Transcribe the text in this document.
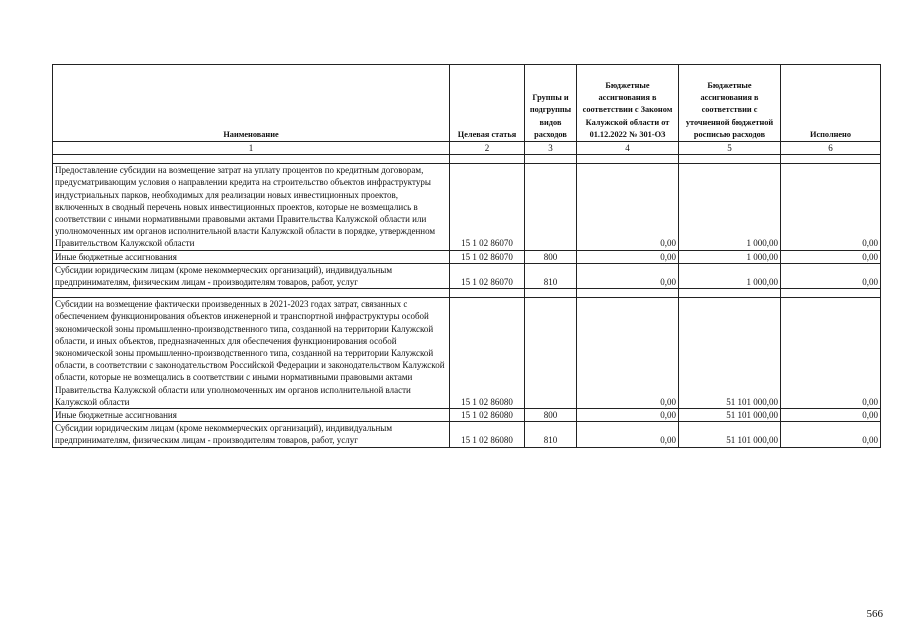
Наименование	Целевая статья	Группы и подгруппы видов расходов	Бюджетные ассигнования в соответствии с Законом Калужской области от 01.12.2022 № 301-ОЗ	Бюджетные ассигнования в соответствии с уточненной бюджетной росписью расходов	Исполнено
1	2	3	4	5	6

Предоставление субсидии на возмещение затрат на уплату процентов по кредитным договорам, предусматривающим условия о направлении кредита на строительство объектов инфраструктуры индустриальных парков, необходимых для реализации новых инвестиционных проектов, включенных в сводный перечень новых инвестиционных проектов, которые не возмещались в соответствии с иными нормативными правовыми актами Правительства Калужской области или уполномоченных им органов исполнительной власти Калужской области в порядке, утвержденном Правительством Калужской области	15 1 02 86070		0,00	1 000,00	0,00
Иные бюджетные ассигнования	15 1 02 86070	800	0,00	1 000,00	0,00
Субсидии юридическим лицам (кроме некоммерческих организаций), индивидуальным предпринимателям, физическим лицам - производителям товаров, работ, услуг	15 1 02 86070	810	0,00	1 000,00	0,00

Субсидии на возмещение фактически произведенных в 2021-2023 годах затрат, связанных с обеспечением функционирования объектов инженерной и транспортной инфраструктуры особой экономической зоны промышленно-производственного типа, созданной на территории Калужской области, и иных объектов, предназначенных для обеспечения функционирования особой экономической зоны промышленно-производственного типа, созданной на территории Калужской области, в соответствии с законодательством Российской Федерации и законодательством Калужской области, которые не возмещались в соответствии с иными нормативными правовыми актами Правительства Калужской области или уполномоченных им органов исполнительной власти Калужской области	15 1 02 86080		0,00	51 101 000,00	0,00
Иные бюджетные ассигнования	15 1 02 86080	800	0,00	51 101 000,00	0,00
Субсидии юридическим лицам (кроме некоммерческих организаций), индивидуальным предпринимателям, физическим лицам - производителям товаров, работ, услуг	15 1 02 86080	810	0,00	51 101 000,00	0,00
566
